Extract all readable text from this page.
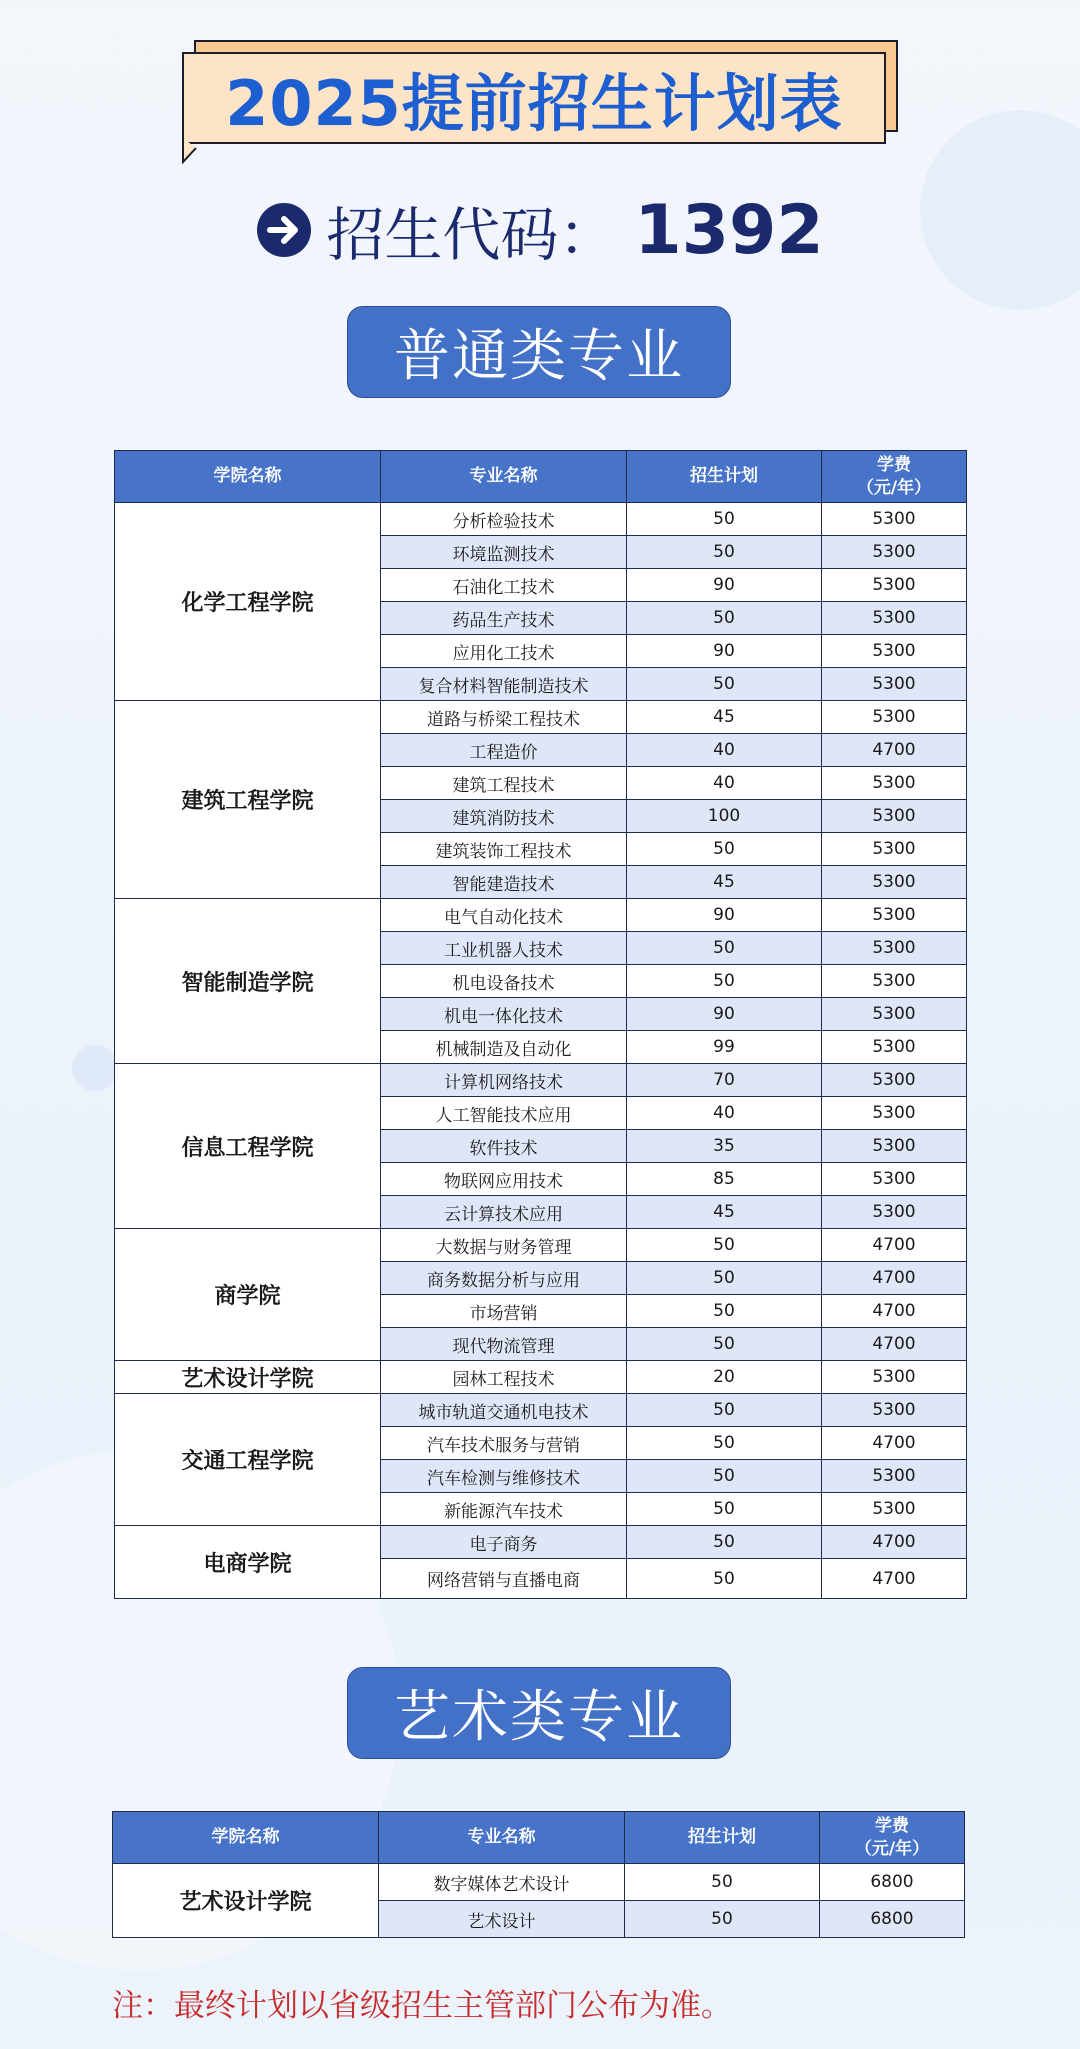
2025提前招生计划表
招生代码： 1392
普通类专业
学院名称	专业名称	招生计划	学费
（元/年）

化学工程学院	分析检验技术	50	5300
	环境监测技术	50	5300
	石油化工技术	90	5300
	药品生产技术	50	5300
	应用化工技术	90	5300
	复合材料智能制造技术	50	5300
建筑工程学院	道路与桥梁工程技术	45	5300
	工程造价	40	4700
	建筑工程技术	40	5300
	建筑消防技术	100	5300
	建筑装饰工程技术	50	5300
	智能建造技术	45	5300
智能制造学院	电气自动化技术	90	5300
	工业机器人技术	50	5300
	机电设备技术	50	5300
	机电一体化技术	90	5300
	机械制造及自动化	99	5300
信息工程学院	计算机网络技术	70	5300
	人工智能技术应用	40	5300
	软件技术	35	5300
	物联网应用技术	85	5300
	云计算技术应用	45	5300
商学院	大数据与财务管理	50	4700
	商务数据分析与应用	50	4700
	市场营销	50	4700
	现代物流管理	50	4700
艺术设计学院	园林工程技术	20	5300
交通工程学院	城市轨道交通机电技术	50	5300
	汽车技术服务与营销	50	4700
	汽车检测与维修技术	50	5300
	新能源汽车技术	50	5300
电商学院	电子商务	50	4700
	网络营销与直播电商	50	4700
艺术类专业
学院名称	专业名称	招生计划	学费
（元/年）

艺术设计学院	数字媒体艺术设计	50	6800
	艺术设计	50	6800
注：最终计划以省级招生主管部门公布为准。
